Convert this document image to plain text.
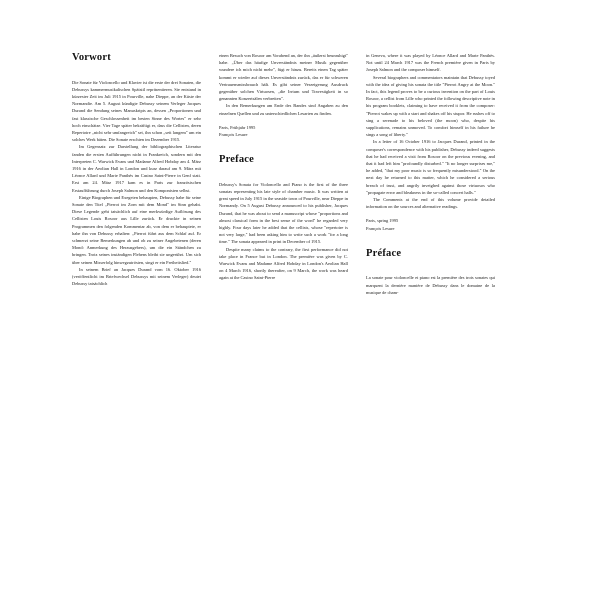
Vorwort

Die Sonate für Violoncello und Klavier ist die erste der drei Sonaten, die Debussys kammermusikalischen Spätstil repräsentieren. Sie entstand in kürzester Zeit im Juli 1915 in Pourville, nahe Dieppe, an der Küste der Normandie. Am 5. August kündigte Debussy seinem Verleger Jacques Durand die Sendung seines Manuskripts an, dessen „Proportionen und fast klassische Geschlossenheit im besten Sinne des Wortes" er sehr hoch einschätze. Vier Tage später bekräftigt er, dass die Cellisten, deren Repertoire „nicht sehr umfangreich" sei, ihn schon „seit langem" um ein solches Werk bäten. Die Sonate erschien im Dezember 1915.

Im Gegensatz zur Darstellung der bibliographischen Literatur fanden die ersten Aufführungen nicht in Frankreich, sondern mit den Interpreten C. Warwick Evans und Madame Alfred Hobday am 4. März 1916 in der Aeolian Hall in London und kurz darauf am 9. März mit Léonce Allard und Marie Panthès im Casino Saint-Pierre in Genf statt. Erst am 24. März 1917 kam es in Paris zur französischen Erstaufführung durch Joseph Salmon und den Komponisten selbst.

Einige Biographen und Exegeten behaupten, Debussy habe für seine Sonate den Titel „Pierrot im Zorn mit dem Mond" im Sinn gehabt. Diese Legende geht tatsächlich auf eine merkwürdige Auflösung des Cellisten Louis Rosoor aus Lille zurück. Er druckte in seinen Programmen den folgenden Kommentar ab, von dem er behauptete, er habe ihn von Debussy erhalten: „Pierrot führt aus dem Schlaf auf. Er schmerzt seine Bemerkungen ab und ob zu seiner Angebetenen (deren Mond: Anmerkung des Herausgebers), um die ein Ständchen zu bringen. Trotz seines inständigen Flehens bleibt sie ungerührt. Um sich über seinen Misserfolg hinwegzutrösten, singt er ein Freiheitslied."

In seinem Brief an Jacques Durand vom 16. Oktober 1916 (veröffentlicht im Briefwechsel Debussys mit seinem Verleger) deutet Debussy tatsächlich

einen Besuch von Rosoor am Vorabend an, der ihn „äußerst beunruhigt" habe. „Über das häufige Unverständnis meiner Musik gegenüber wundere ich mich nicht mehr", fügt er hinzu. Bereits einen Tag später kommt er wieder auf dieses Unverständnis zurück, das er für schweren Vertrauensmissbrauch hält. Es gibt seiner Verzeigerung Ausdruck gegenüber solchen Virtuosen, „die Irrtum und Travestigkeit in so genannten Konzertsälen verbreiten".

In den Bemerkungen am Ende des Bandes sind Angaben zu den einzelnen Quellen und zu unterschiedlichen Lesarten zu finden.

Paris, Frühjahr 1995
François Lesure
Preface

Debussy's Sonata for Violoncello and Piano is the first of the three sonatas representing his late style of chamber music. It was written at great speed in July 1915 in the seaside town of Pourville, near Dieppe in Normandy. On 5 August Debussy announced to his publisher, Jacques Durand, that he was about to send a manuscript whose "proportions and almost classical form in the best sense of the word" he regarded very highly. Four days later he added that the cellists, whose "repertoire is not very large," had been asking him to write such a work "for a long time." The sonata appeared in print in December of 1915.

Despite many claims to the contrary, the first performance did not take place in France but in London. The première was given by C. Warwick Evans and Madame Alfred Hobday in London's Aeolian Hall on 4 March 1916, shortly thereafter, on 9 March, the work was heard again at the Casino Saint-Pierre

in Geneva, where it was played by Léonce Allard and Marie Panthès. Not until 24 March 1917 was the French première given in Paris by Joseph Salmon and the composer himself.

Several biographers and commentators maintain that Debussy toyed with the idea of giving his sonata the title "Pierrot Angry at the Moon." In fact, this legend proves to be a curious invention on the part of Louis Rosoor, a cellist from Lille who printed the following descriptive note in his program booklets, claiming to have received it from the composer: "Pierrot wakes up with a start and shakes off his stupor. He rushes off to sing a serenade to his beloved (the moon) who, despite his supplications, remains unmoved. To comfort himself in his failure he sings a song of liberty."

In a letter of 16 October 1916 to Jacques Durand, printed in the composer's correspondence with his publisher, Debussy indeed suggests that he had received a visit from Rosoor on the previous evening, and that it had left him "profoundly disturbed." "It no longer surprises me," he added, "that my poor music is so frequently misunderstood." On the next day he returned to this matter, which he considered a serious breach of trust, and angrily inveighed against those virtuosos who "propagate error and bleakness in the so-called concert halls."

The Comments at the end of this volume provide detailed information on the sources and alternative readings.

Paris, spring 1995
François Lesure
Préface

La sonate pour violoncelle et piano est la première des trois sonates qui marquent la dernière manière de Debussy dans le domaine de la musique de cham-
